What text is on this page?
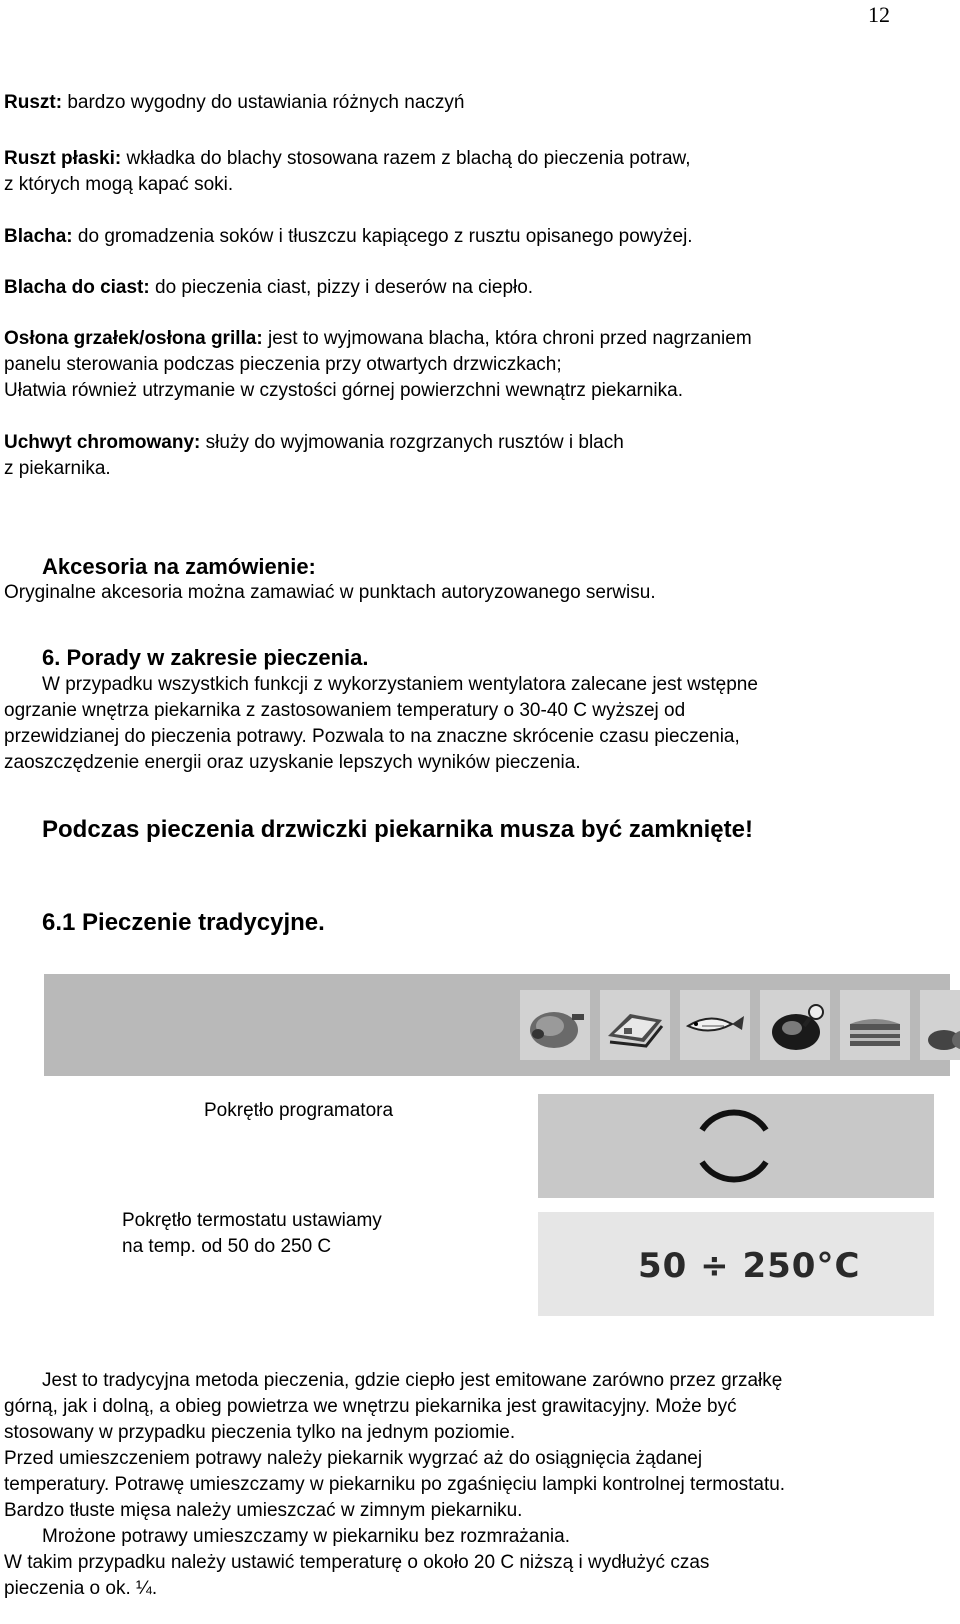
12

Ruszt: bardzo wygodny do ustawiania różnych naczyń

Ruszt płaski: wkładka do blachy stosowana razem z blachą do pieczenia potraw,
z których mogą kapać soki.

Blacha: do gromadzenia soków i tłuszczu kapiącego z rusztu opisanego powyżej.

Blacha do ciast: do pieczenia ciast, pizzy i deserów na ciepło.

Osłona grzałek/osłona grilla: jest to wyjmowana blacha, która chroni przed nagrzaniem
panelu sterowania podczas pieczenia przy otwartych drzwiczkach;
Ułatwia również utrzymanie w czystości górnej powierzchni wewnątrz piekarnika.

Uchwyt chromowany: służy do wyjmowania rozgrzanych rusztów i blach
z piekarnika.

Akcesoria na zamówienie:

Oryginalne akcesoria można zamawiać w punktach autoryzowanego serwisu.

6. Porady w zakresie pieczenia.

W przypadku wszystkich funkcji z wykorzystaniem wentylatora zalecane jest wstępne
ogrzanie wnętrza piekarnika z zastosowaniem temperatury o 30-40 C wyższej od
przewidzianej do pieczenia potrawy. Pozwala to na znaczne skrócenie czasu pieczenia,
zaoszczędzenie energii oraz uzyskanie lepszych wyników pieczenia.

Podczas pieczenia drzwiczki piekarnika musza być zamknięte!
6.1 Pieczenie tradycyjne.
Pokrętło programatora
Pokrętło termostatu ustawiamy
na temp. od 50 do 250 C	50 ÷ 250°C

Jest to tradycyjna metoda pieczenia, gdzie ciepło jest emitowane zarówno przez grzałkę
górną, jak i dolną, a obieg powietrza we wnętrzu piekarnika jest grawitacyjny. Może być
stosowany w przypadku pieczenia tylko na jednym poziomie.
Przed umieszczeniem potrawy należy piekarnik wygrzać aż do osiągnięcia żądanej
temperatury. Potrawę umieszczamy w piekarniku po zgaśnięciu lampki kontrolnej termostatu.
Bardzo tłuste mięsa należy umieszczać w zimnym piekarniku.
Mrożone potrawy umieszczamy w piekarniku bez rozmrażania.
W takim przypadku należy ustawić temperaturę o około 20 C niższą i wydłużyć czas
pieczenia o ok. ¼.
